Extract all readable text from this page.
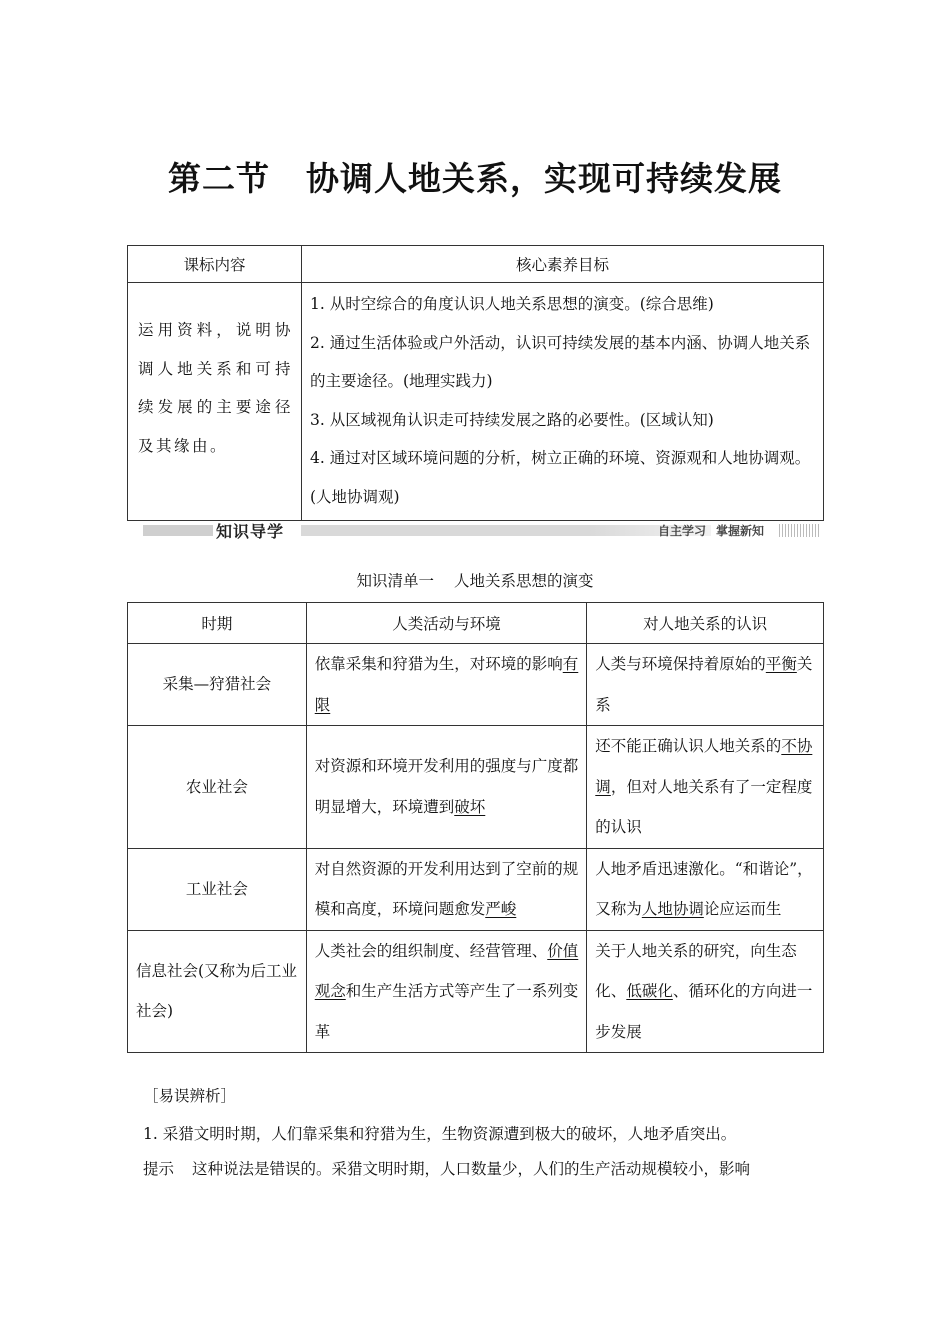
第二节 协调人地关系，实现可持续发展
课标内容	核心素养目标
运用资料，说明协调人地关系和可持续发展的主要途径及其缘由。	1. 从时空综合的角度认识人地关系思想的演变。(综合思维)
2. 通过生活体验或户外活动，认识可持续发展的基本内涵、协调人地关系的主要途径。(地理实践力)
3. 从区域视角认识走可持续发展之路的必要性。(区域认知)
4. 通过对区域环境问题的分析，树立正确的环境、资源观和人地协调观。(人地协调观)
知识导学	自主学习 掌握新知
知识清单一 人地关系思想的演变
时期	人类活动与环境	对人地关系的认识
采集—狩猎社会	依靠采集和狩猎为生，对环境的影响有限	人类与环境保持着原始的平衡关系
农业社会	对资源和环境开发利用的强度与广度都明显增大，环境遭到破坏	还不能正确认识人地关系的不协调，但对人地关系有了一定程度的认识
工业社会	对自然资源的开发利用达到了空前的规模和高度，环境问题愈发严峻	人地矛盾迅速激化。“和谐论”，又称为人地协调论应运而生
信息社会(又称为后工业社会)	人类社会的组织制度、经营管理、价值观念和生产生活方式等产生了一系列变革	关于人地关系的研究，向生态化、低碳化、循环化的方向进一步发展
［易误辨析］
1. 采猎文明时期，人们靠采集和狩猎为生，生物资源遭到极大的破坏，人地矛盾突出。
提示 这种说法是错误的。采猎文明时期，人口数量少，人们的生产活动规模较小，影响
